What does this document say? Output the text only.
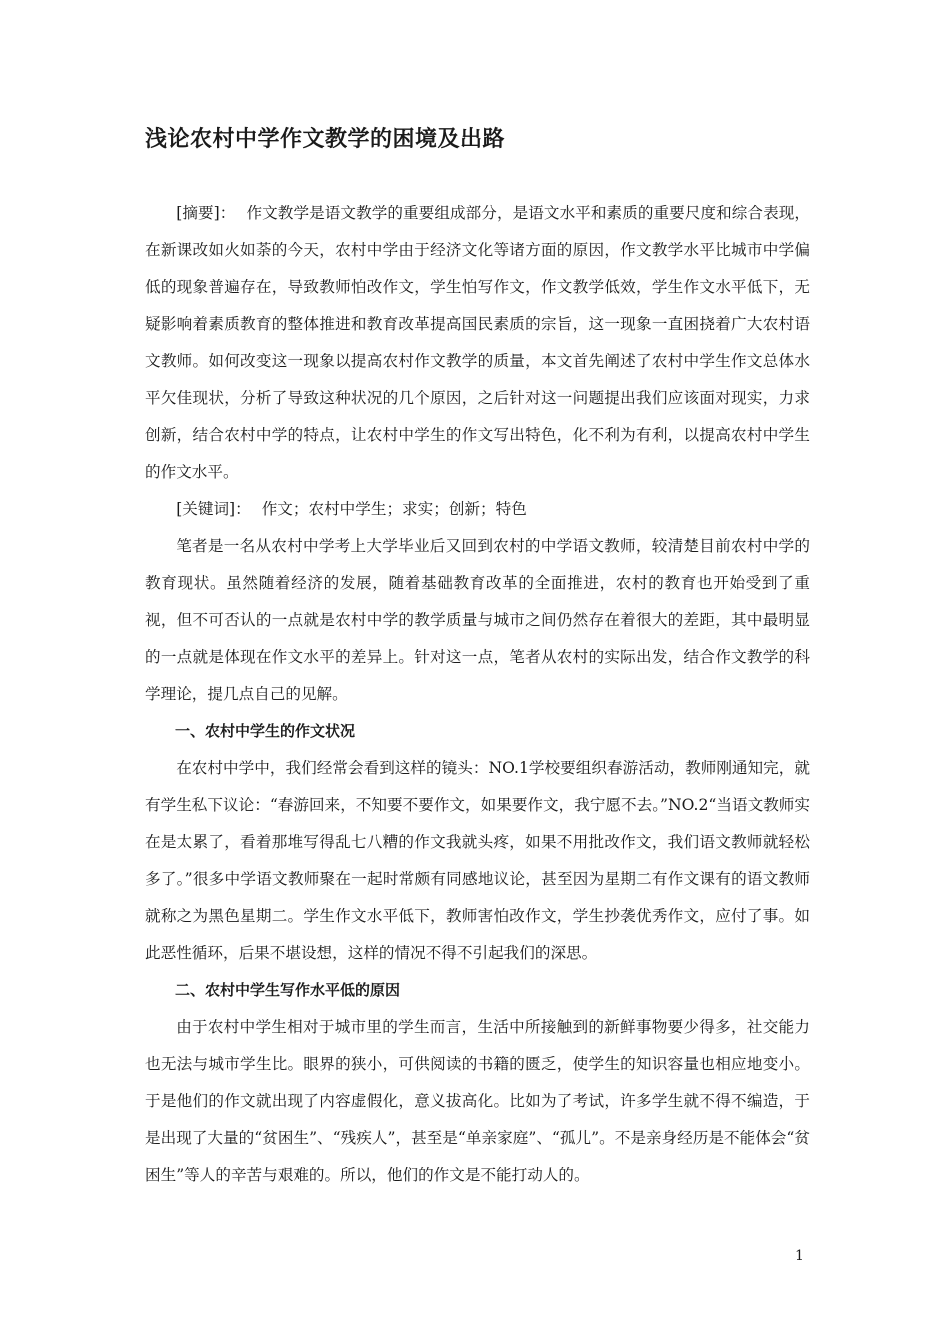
浅论农村中学作文教学的困境及出路

[摘要]： 作文教学是语文教学的重要组成部分，是语文水平和素质的重要尺度和综合表现，在新课改如火如荼的今天，农村中学由于经济文化等诸方面的原因，作文教学水平比城市中学偏低的现象普遍存在，导致教师怕改作文，学生怕写作文，作文教学低效，学生作文水平低下，无疑影响着素质教育的整体推进和教育改革提高国民素质的宗旨，这一现象一直困挠着广大农村语文教师。如何改变这一现象以提高农村作文教学的质量，本文首先阐述了农村中学生作文总体水平欠佳现状，分析了导致这种状况的几个原因，之后针对这一问题提出我们应该面对现实，力求创新，结合农村中学的特点，让农村中学生的作文写出特色，化不利为有利，以提高农村中学生的作文水平。

[关键词]： 作文；农村中学生；求实；创新；特色

笔者是一名从农村中学考上大学毕业后又回到农村的中学语文教师，较清楚目前农村中学的教育现状。虽然随着经济的发展，随着基础教育改革的全面推进，农村的教育也开始受到了重视，但不可否认的一点就是农村中学的教学质量与城市之间仍然存在着很大的差距，其中最明显的一点就是体现在作文水平的差异上。针对这一点，笔者从农村的实际出发，结合作文教学的科学理论，提几点自己的见解。

一、农村中学生的作文状况

在农村中学中，我们经常会看到这样的镜头：NO.1学校要组织春游活动，教师刚通知完，就有学生私下议论：“春游回来，不知要不要作文，如果要作文，我宁愿不去。”NO.2“当语文教师实在是太累了，看着那堆写得乱七八糟的作文我就头疼，如果不用批改作文，我们语文教师就轻松多了。”很多中学语文教师聚在一起时常颇有同感地议论，甚至因为星期二有作文课有的语文教师就称之为黑色星期二。学生作文水平低下，教师害怕改作文，学生抄袭优秀作文，应付了事。如此恶性循环，后果不堪设想，这样的情况不得不引起我们的深思。

二、农村中学生写作水平低的原因

由于农村中学生相对于城市里的学生而言，生活中所接触到的新鲜事物要少得多，社交能力也无法与城市学生比。眼界的狭小，可供阅读的书籍的匮乏，使学生的知识容量也相应地变小。于是他们的作文就出现了内容虚假化，意义拔高化。比如为了考试，许多学生就不得不编造，于是出现了大量的“贫困生”、“残疾人”，甚至是“单亲家庭”、“孤儿”。不是亲身经历是不能体会“贫困生”等人的辛苦与艰难的。所以，他们的作文是不能打动人的。

1
